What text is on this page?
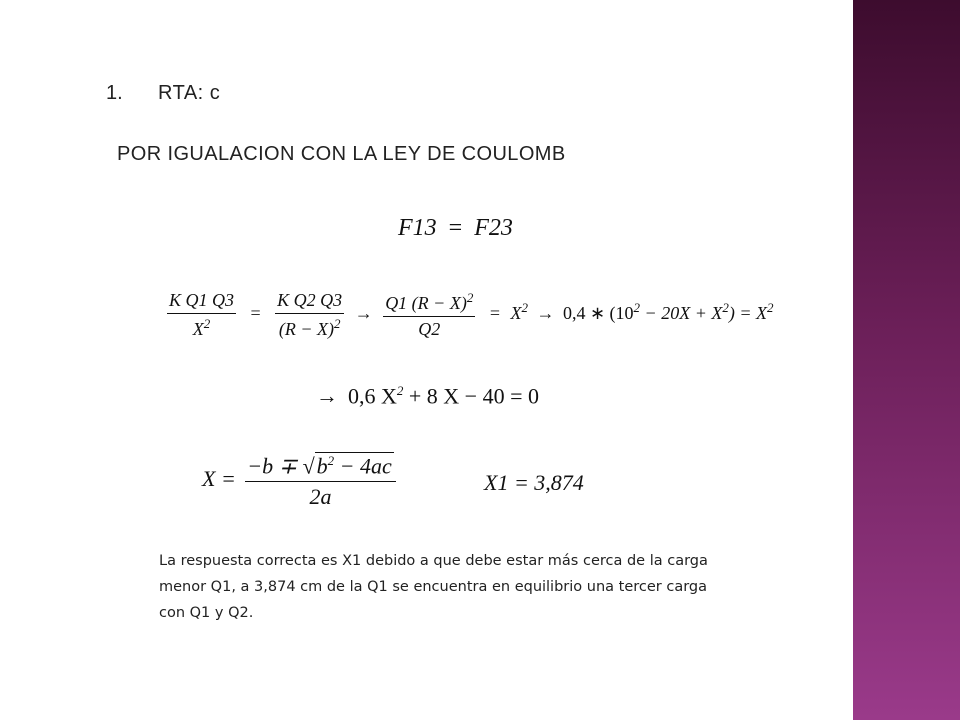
1. RTA: c
POR IGUALACION CON LA LEY DE COULOMB
F13 = F23
$\frac{\text{K Q1 Q3}}{X^2} = \frac{\text{K Q2 Q3}}{(R - X)^2} \to \frac{Q1 (R - X)^2}{Q2} = X^2 \to 0,4$ ∗ $(10^2 - 20X + X^2) = X^2$
→ 0,6 $X^2 + 8$ X − 40 = 0
$X = \frac{-b \mp √b^2 - 4ac}{2a}$	X1 = 3,874
La respuesta correcta es X1 debido a que debe estar más cerca de la carga
menor Q1, a 3,874 cm de la Q1 se encuentra en equilibrio una tercer carga
con Q1 y Q2.
